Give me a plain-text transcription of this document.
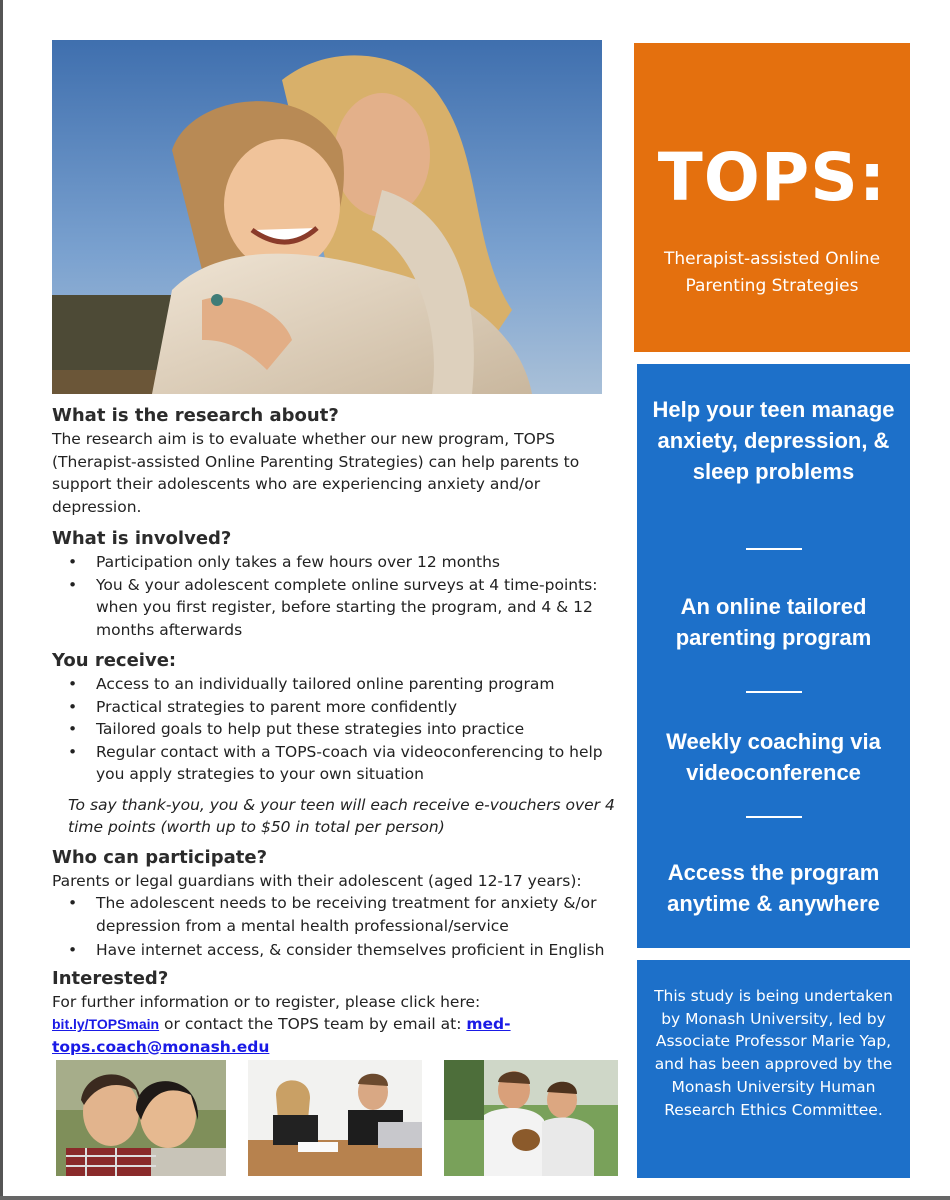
What is the research about?

The research aim is to evaluate whether our new program, TOPS (Therapist-assisted Online Parenting Strategies) can help parents to support their adolescents who are experiencing anxiety and/or depression.

What is involved?
• Participation only takes a few hours over 12 months
• You & your adolescent complete online surveys at 4 time-points: when you first register, before starting the program, and 4 & 12 months afterwards
You receive:
• Access to an individually tailored online parenting program
• Practical strategies to parent more confidently
• Tailored goals to help put these strategies into practice
• Regular contact with a TOPS-coach via videoconferencing to help you apply strategies to your own situation

To say thank-you, you & your teen will each receive e-vouchers over 4 time points (worth up to $50 in total per person)

Who can participate?

Parents or legal guardians with their adolescent (aged 12-17 years):

• The adolescent needs to be receiving treatment for anxiety &/or depression from a mental health professional/service
• Have internet access, & consider themselves proficient in English
Interested?

For further information or to register, please click here:

bit.ly/TOPSmain or contact the TOPS team by email at: med-tops.coach@monash.edu

TOPS:
Therapist-assisted Online Parenting Strategies
Help your teen manage anxiety, depression, & sleep problems
An online tailored parenting program
Weekly coaching via videoconference
Access the program anytime & anywhere
This study is being undertaken by Monash University, led by Associate Professor Marie Yap, and has been approved by the Monash University Human Research Ethics Committee.
